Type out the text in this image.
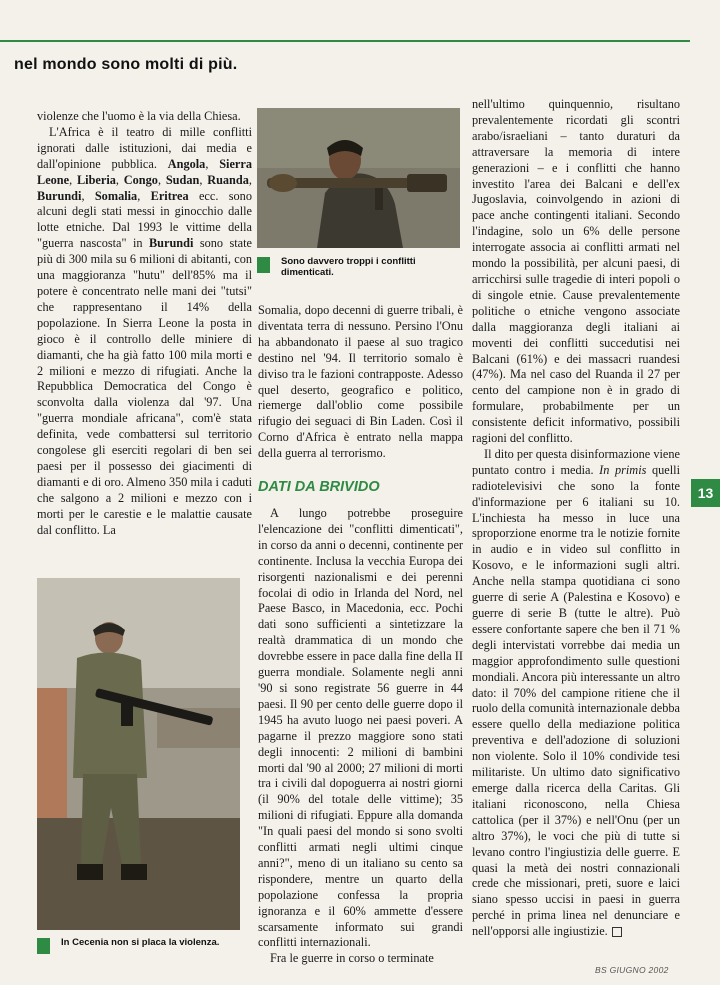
nel mondo sono molti di più.

violenze che l'uomo è la via della Chiesa.

L'Africa è il teatro di mille conflitti ignorati dalle istituzioni, dai media e dall'opinione pubblica. Angola, Sierra Leone, Liberia, Congo, Sudan, Ruanda, Burundi, Somalia, Eritrea ecc. sono alcuni degli stati messi in ginocchio dalle lotte etniche. Dal 1993 le vittime della "guerra nascosta" in Burundi sono state più di 300 mila su 6 milioni di abitanti, con una maggioranza "hutu" dell'85% ma il potere è concentrato nelle mani dei "tutsi" che rappresentano il 14% della popolazione. In Sierra Leone la posta in gioco è il controllo delle miniere di diamanti, che ha già fatto 100 mila morti e 2 milioni e mezzo di rifugiati. Anche la Repubblica Democratica del Congo è sconvolta dalla violenza dal '97. Una "guerra mondiale africana", com'è stata definita, vede combattersi sul territorio congolese gli eserciti regolari di ben sei paesi per il possesso dei giacimenti di diamanti e di oro. Almeno 350 mila i caduti che salgono a 2 milioni e mezzo con i morti per le carestie e le malattie causate dal conflitto. La

Sono davvero troppi i conflitti dimenticati.

Somalia, dopo decenni di guerre tribali, è diventata terra di nessuno. Persino l'Onu ha abbandonato il paese al suo tragico destino nel '94. Il territorio somalo è diviso tra le fazioni contrapposte. Adesso quel deserto, geografico e politico, riemerge dall'oblio come possibile rifugio dei seguaci di Bin Laden. Così il Corno d'Africa è entrato nella mappa della guerra al terrorismo.

DATI DA BRIVIDO

A lungo potrebbe proseguire l'elencazione dei "conflitti dimenticati", in corso da anni o decenni, continente per continente. Inclusa la vecchia Europa dei risorgenti nazionalismi e dei perenni focolai di odio in Irlanda del Nord, nel Paese Basco, in Macedonia, ecc. Pochi dati sono sufficienti a sintetizzare la realtà drammatica di un mondo che dovrebbe essere in pace dalla fine della II guerra mondiale. Solamente negli anni '90 si sono registrate 56 guerre in 44 paesi. Il 90 per cento delle guerre dopo il 1945 ha avuto luogo nei paesi poveri. A pagarne il prezzo maggiore sono stati degli innocenti: 2 milioni di bambini morti dal '90 al 2000; 27 milioni di morti tra i civili dal dopoguerra ai nostri giorni (il 90% del totale delle vittime); 35 milioni di rifugiati. Eppure alla domanda "In quali paesi del mondo si sono svolti conflitti armati negli ultimi cinque anni?", meno di un italiano su cento sa rispondere, mentre un quarto della popolazione confessa la propria ignoranza e il 60% ammette d'essere scarsamente informato sui grandi conflitti internazionali.

Fra le guerre in corso o terminate

In Cecenia non si placa la violenza.

nell'ultimo quinquennio, risultano prevalentemente ricordati gli scontri arabo/israeliani – tanto duraturi da attraversare la memoria di intere generazioni – e i conflitti che hanno investito l'area dei Balcani e dell'ex Jugoslavia, coinvolgendo in azioni di pace anche contingenti italiani. Secondo l'indagine, solo un 6% delle persone interrogate associa ai conflitti armati nel mondo la possibilità, per alcuni paesi, di arricchirsi sulle tragedie di interi popoli o di singole etnie. Cause prevalentemente politiche o etniche vengono associate dalla maggioranza degli italiani ai moventi dei conflitti succedutisi nei Balcani (61%) e dei massacri ruandesi (47%). Ma nel caso del Ruanda il 27 per cento del campione non è in grado di formulare, probabilmente per un consistente deficit informativo, possibili ragioni del conflitto.

Il dito per questa disinformazione viene puntato contro i media. In primis quelli radiotelevisivi che sono la fonte d'informazione per 6 italiani su 10. L'inchiesta ha messo in luce una sproporzione enorme tra le notizie fornite in audio e in video sul conflitto in Kosovo, e le informazioni sugli altri. Anche nella stampa quotidiana ci sono guerre di serie A (Palestina e Kosovo) e guerre di serie B (tutte le altre). Può essere confortante sapere che ben il 71 % degli intervistati vorrebbe dai media un maggior approfondimento sulle questioni mondiali. Ancora più interessante un altro dato: il 70% del campione ritiene che il ruolo della comunità internazionale debba essere quello della mediazione politica preventiva e dell'adozione di soluzioni non violente. Solo il 10% condivide tesi militariste. Un ultimo dato significativo emerge dalla ricerca della Caritas. Gli italiani riconoscono, nella Chiesa cattolica (per il 37%) e nell'Onu (per un altro 37%), le voci che più di tutte si levano contro l'ingiustizia delle guerre. E quasi la metà dei nostri connazionali crede che missionari, preti, suore e laici siano spesso uccisi in paesi in guerra perché in prima linea nel denunciare e nell'opporsi alle ingiustizie.

13
BS GIUGNO 2002
